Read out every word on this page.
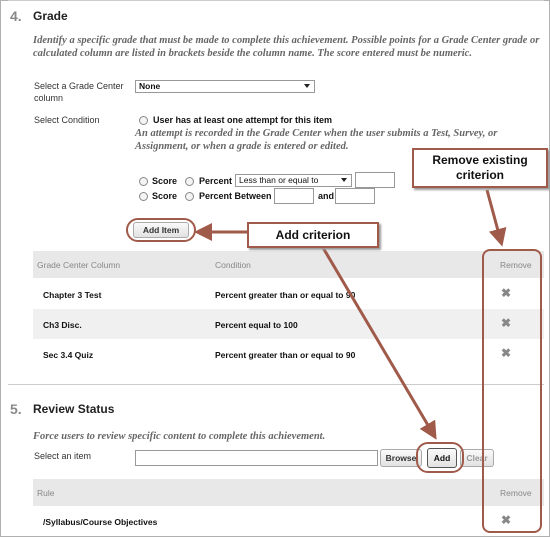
4. Grade
Identify a specific grade that must be made to complete this achievement. Possible points for a Grade Center grade or calculated column are listed in brackets beside the column name. The score entered must be numeric.
Select a Grade Center column
None
Select Condition	User has at least one attempt for this item
An attempt is recorded in the Grade Center when the user submits a Test, Survey, or Assignment, or when a grade is entered or edited.
Score Percent Less than or equal to
Score Percent Between	and
Add Item
Grade Center Column	Condition	Remove
Chapter 3 Test	Percent greater than or equal to 90	✖
Ch3 Disc.	Percent equal to 100	✖
Sec 3.4 Quiz	Percent greater than or equal to 90	✖
5. Review Status
Force users to review specific content to complete this achievement.
Select an item	Browse	Clear
Add
Rule	Remove
/Syllabus/Course Objectives	✖
Remove existing criterion
Add criterion
